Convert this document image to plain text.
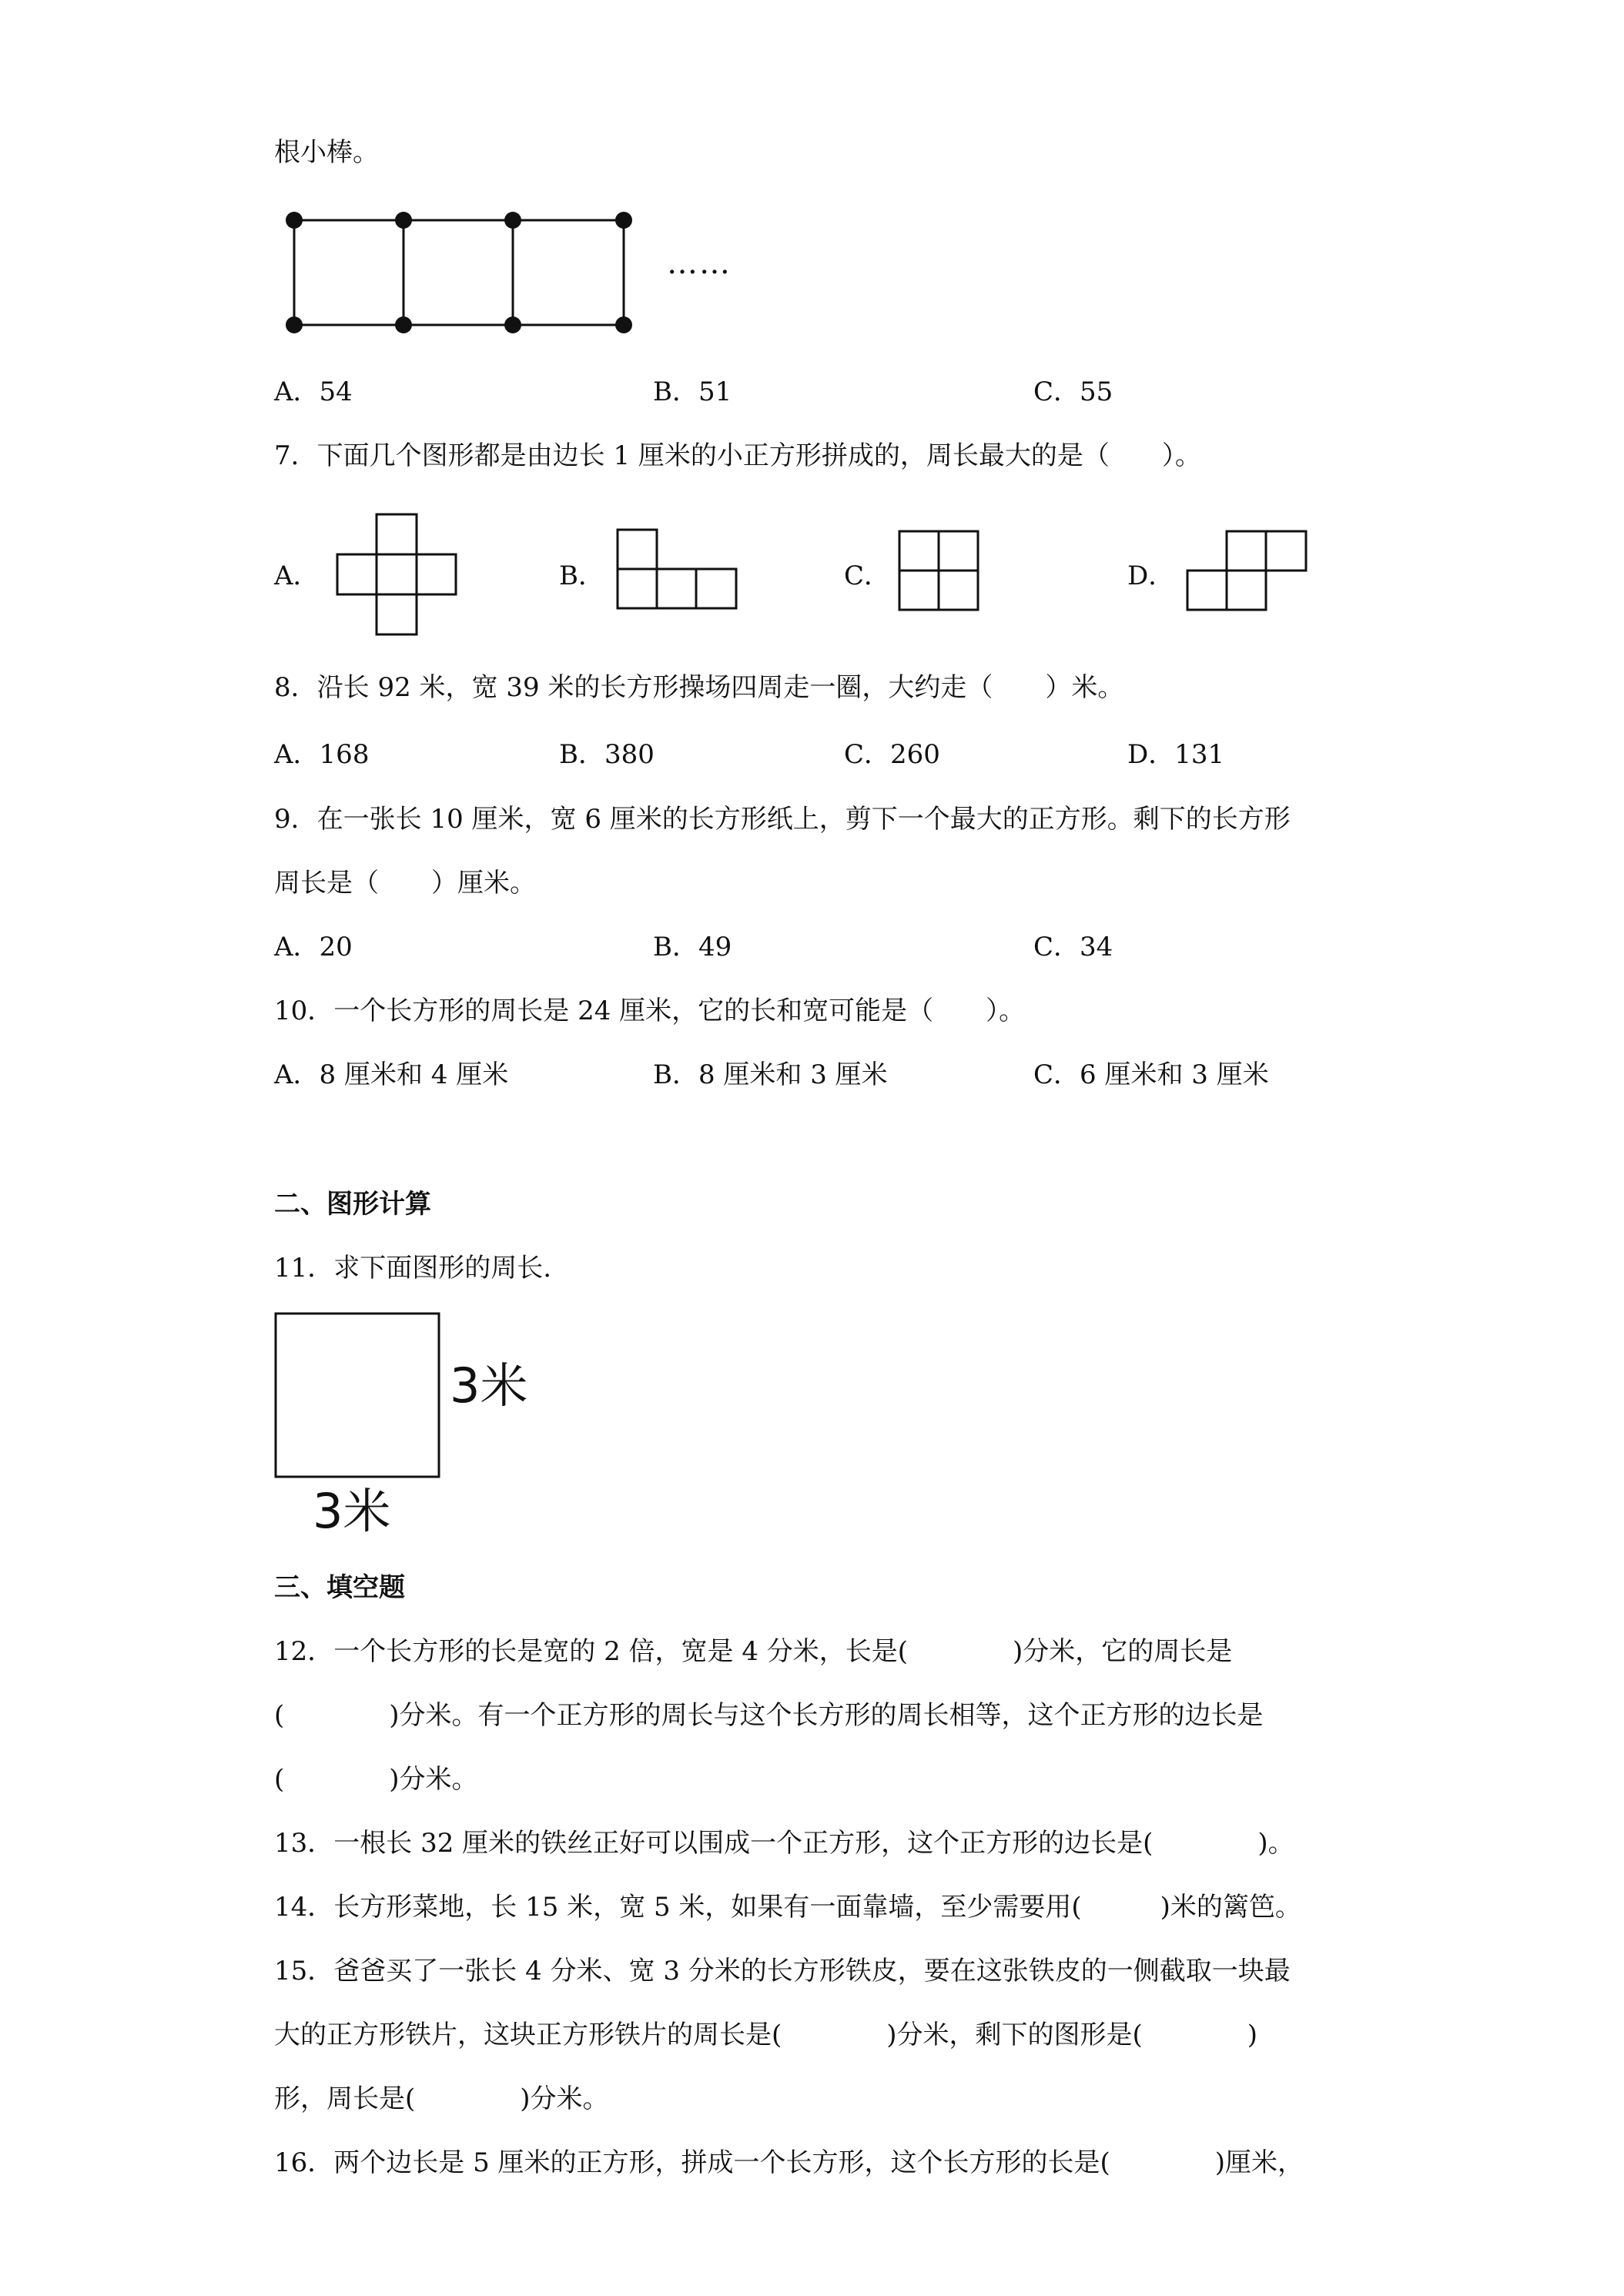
根小棒。
……
A．54	B．51	C．55
7．下面几个图形都是由边长 1 厘米的小正方形拼成的，周长最大的是（　　）。
A．	B．	C．	D．
8．沿长 92 米，宽 39 米的长方形操场四周走一圈，大约走（　　）米。
A．168	B．380	C．260	D．131
9．在一张长 10 厘米，宽 6 厘米的长方形纸上，剪下一个最大的正方形。剩下的长方形
周长是（　　）厘米。
A．20	B．49	C．34
10．一个长方形的周长是 24 厘米，它的长和宽可能是（　　）。
A．8 厘米和 4 厘米	B．8 厘米和 3 厘米	C．6 厘米和 3 厘米
二、图形计算
11．求下面图形的周长.
3米
3米
三、填空题
12．一个长方形的长是宽的 2 倍，宽是 4 分米，长是(　　　　)分米，它的周长是
(　　　　)分米。有一个正方形的周长与这个长方形的周长相等，这个正方形的边长是
(　　　　)分米。
13．一根长 32 厘米的铁丝正好可以围成一个正方形，这个正方形的边长是(　　　　)。
14．长方形菜地，长 15 米，宽 5 米，如果有一面靠墙，至少需要用(　　　)米的篱笆。
15．爸爸买了一张长 4 分米、宽 3 分米的长方形铁皮，要在这张铁皮的一侧截取一块最
大的正方形铁片，这块正方形铁片的周长是(　　　　)分米，剩下的图形是(　　　　)
形，周长是(　　　　)分米。
16．两个边长是 5 厘米的正方形，拼成一个长方形，这个长方形的长是(　　　　)厘米，
